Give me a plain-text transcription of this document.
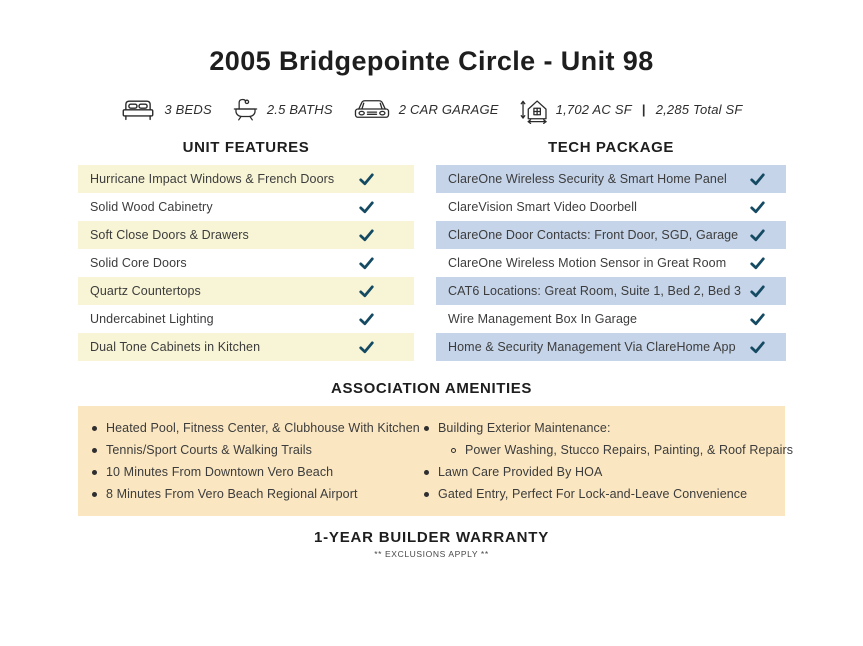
2005 Bridgepointe Circle - Unit 98
3 BEDS	2.5 BATHS	2 CAR GARAGE	1,702 AC SF | 2,285 Total SF
UNIT FEATURES
Hurricane Impact Windows & French Doors
Solid Wood Cabinetry
Soft Close Doors & Drawers
Solid Core Doors
Quartz Countertops
Undercabinet Lighting
Dual Tone Cabinets in Kitchen
TECH PACKAGE
ClareOne Wireless Security & Smart Home Panel
ClareVision Smart Video Doorbell
ClareOne Door Contacts: Front Door, SGD, Garage
ClareOne Wireless Motion Sensor in Great Room
CAT6 Locations: Great Room, Suite 1, Bed 2, Bed 3
Wire Management Box In Garage
Home & Security Management Via ClareHome App
ASSOCIATION AMENITIES
Heated Pool, Fitness Center, & Clubhouse With Kitchen
Tennis/Sport Courts & Walking Trails
10 Minutes From Downtown Vero Beach
8 Minutes From Vero Beach Regional Airport
Building Exterior Maintenance:
Power Washing, Stucco Repairs, Painting, & Roof Repairs
Lawn Care Provided By HOA
Gated Entry, Perfect For Lock-and-Leave Convenience
1-YEAR BUILDER WARRANTY
** EXCLUSIONS APPLY **
